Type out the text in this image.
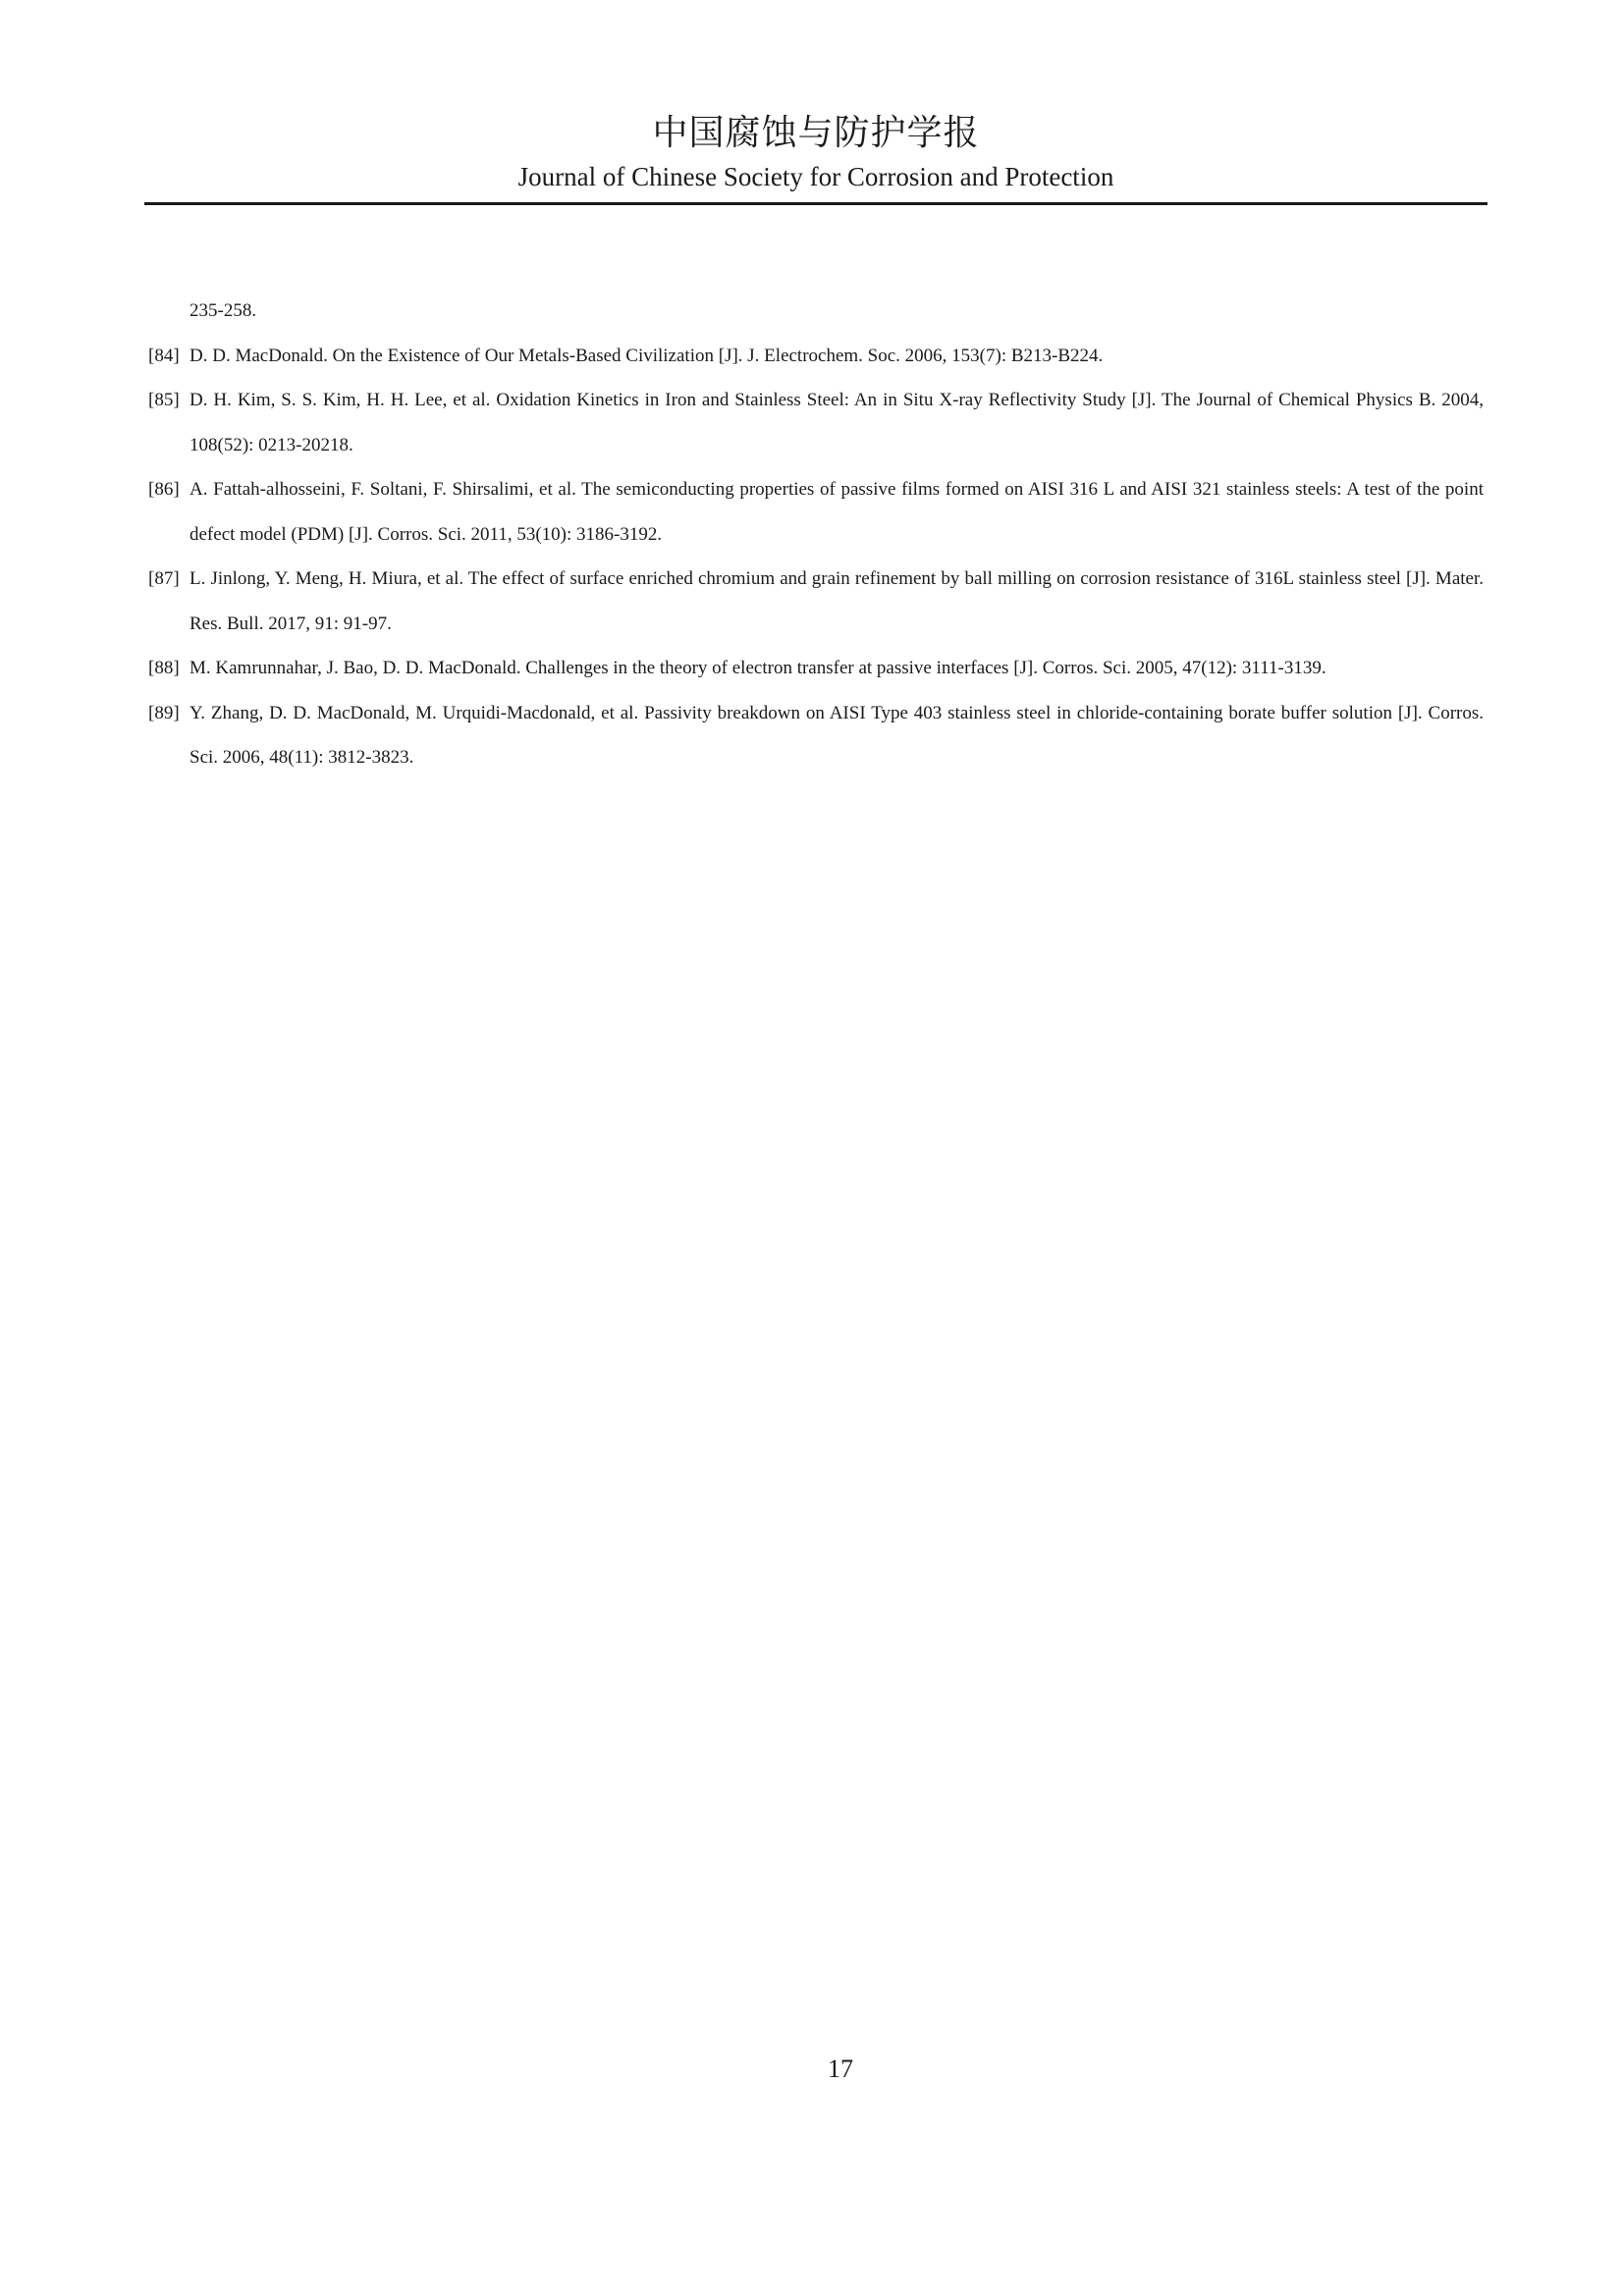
中国腐蚀与防护学报
Journal of Chinese Society for Corrosion and Protection
235-258.
[84] D. D. MacDonald. On the Existence of Our Metals-Based Civilization [J]. J. Electrochem. Soc. 2006, 153(7): B213-B224.
[85] D. H. Kim, S. S. Kim, H. H. Lee, et al. Oxidation Kinetics in Iron and Stainless Steel: An in Situ X-ray Reflectivity Study [J]. The Journal of Chemical Physics B. 2004, 108(52): 0213-20218.
[86] A. Fattah-alhosseini, F. Soltani, F. Shirsalimi, et al. The semiconducting properties of passive films formed on AISI 316 L and AISI 321 stainless steels: A test of the point defect model (PDM) [J]. Corros. Sci. 2011, 53(10): 3186-3192.
[87] L. Jinlong, Y. Meng, H. Miura, et al. The effect of surface enriched chromium and grain refinement by ball milling on corrosion resistance of 316L stainless steel [J]. Mater. Res. Bull. 2017, 91: 91-97.
[88] M. Kamrunnahar, J. Bao, D. D. MacDonald. Challenges in the theory of electron transfer at passive interfaces [J]. Corros. Sci. 2005, 47(12): 3111-3139.
[89] Y. Zhang, D. D. MacDonald, M. Urquidi-Macdonald, et al. Passivity breakdown on AISI Type 403 stainless steel in chloride-containing borate buffer solution [J]. Corros. Sci. 2006, 48(11): 3812-3823.
17
